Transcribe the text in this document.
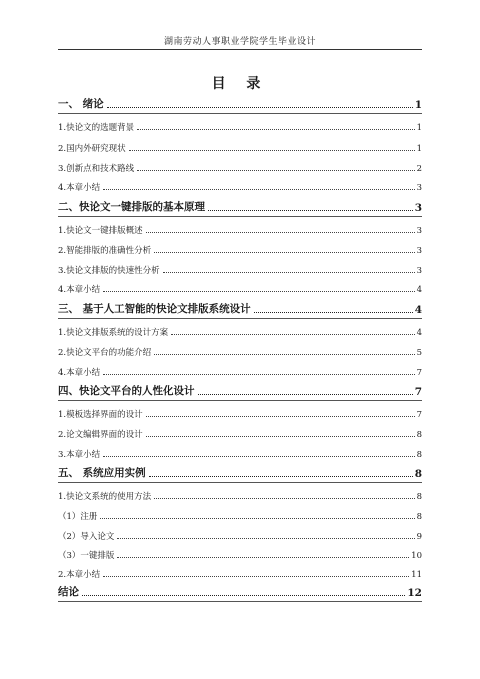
湖南劳动人事职业学院学生毕业设计
目 录
一、 绪论	1
1.快论文的选题背景	1
2.国内外研究现状	1
3.创新点和技术路线	2
4.本章小结	3
二、快论文一键排版的基本原理	3
1.快论文一键排版概述	3
2.智能排版的准确性分析	3
3.快论文排版的快速性分析	3
4.本章小结	4
三、 基于人工智能的快论文排版系统设计	4
1.快论文排版系统的设计方案	4
2.快论文平台的功能介绍	5
4.本章小结	7
四、快论文平台的人性化设计	7
1.模板选择界面的设计	7
2.论文编辑界面的设计	8
3.本章小结	8
五、 系统应用实例	8
1.快论文系统的使用方法	8
（1）注册	8
（2）导入论文	9
（3）一键排版	10
2.本章小结	11
结论	12
